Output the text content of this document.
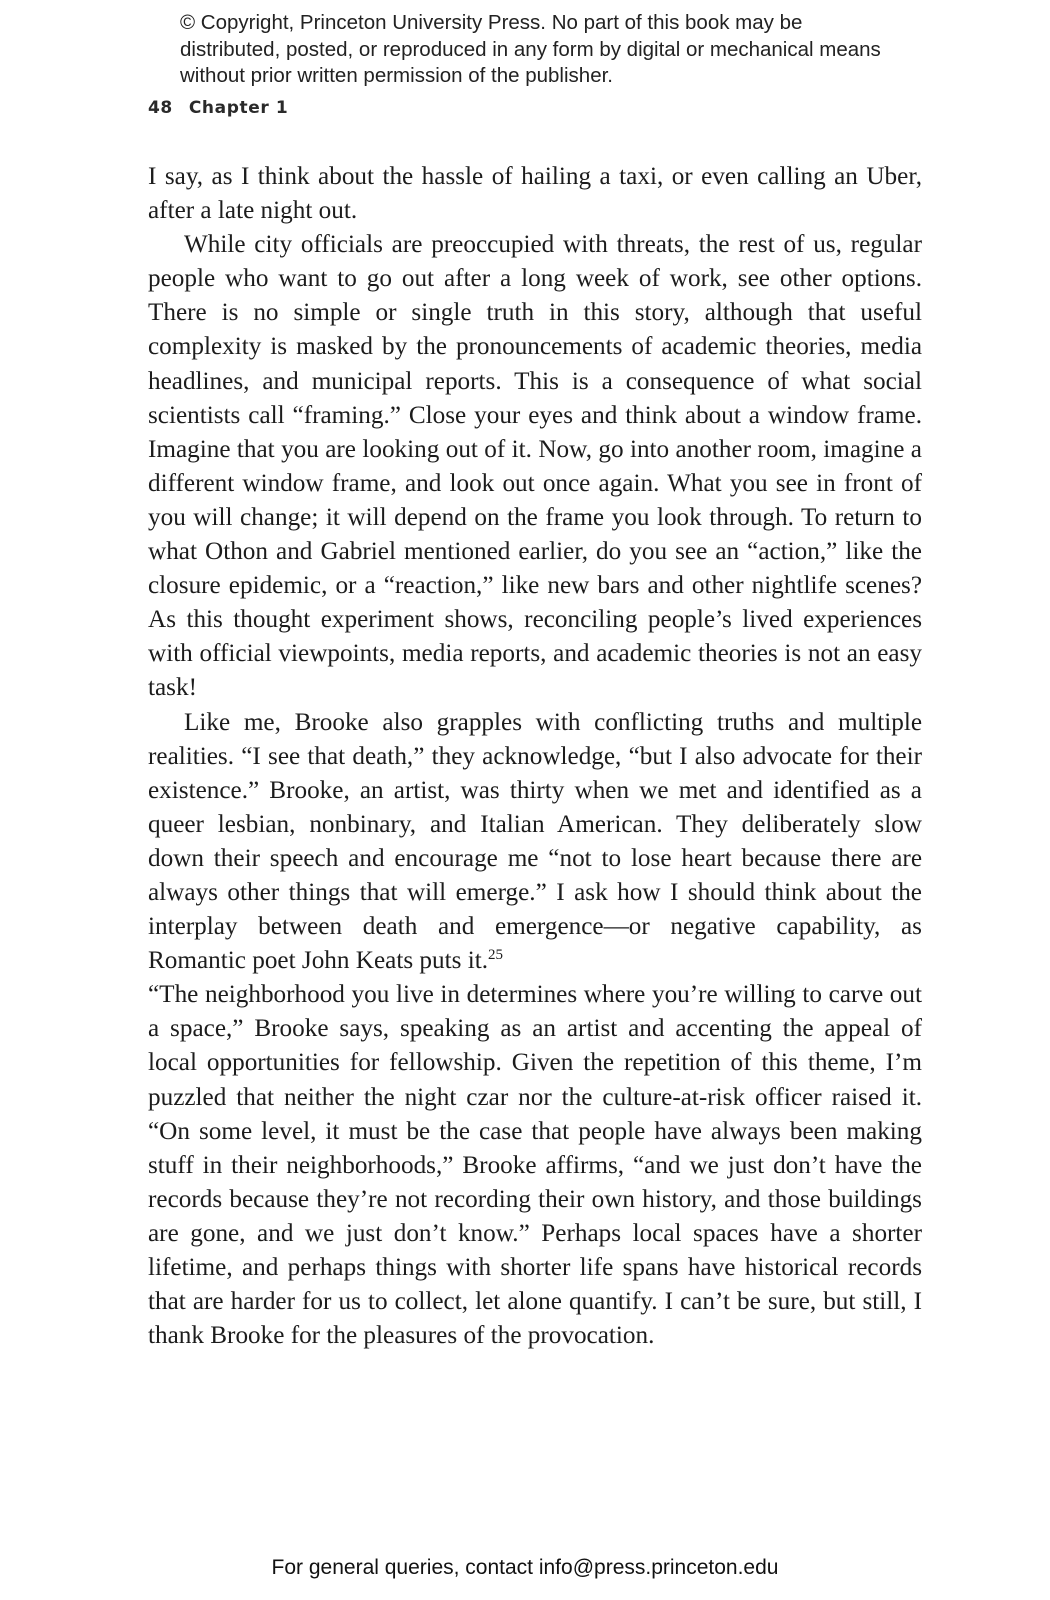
© Copyright, Princeton University Press. No part of this book may be distributed, posted, or reproduced in any form by digital or mechanical means without prior written permission of the publisher.
48 Chapter 1

I say, as I think about the hassle of hailing a taxi, or even calling an Uber, after a late night out.

While city officials are preoccupied with threats, the rest of us, regular people who want to go out after a long week of work, see other options. There is no simple or single truth in this story, although that useful complexity is masked by the pronouncements of academic theories, media headlines, and municipal reports. This is a consequence of what social scientists call “framing.” Close your eyes and think about a window frame. Imagine that you are looking out of it. Now, go into another room, imagine a different window frame, and look out once again. What you see in front of you will change; it will depend on the frame you look through. To return to what Othon and Gabriel mentioned earlier, do you see an “action,” like the closure epidemic, or a “reaction,” like new bars and other nightlife scenes? As this thought experiment shows, reconciling people’s lived experiences with official viewpoints, media reports, and academic theories is not an easy task!

Like me, Brooke also grapples with conflicting truths and multiple realities. “I see that death,” they acknowledge, “but I also advocate for their existence.” Brooke, an artist, was thirty when we met and identified as a queer lesbian, nonbinary, and Italian American. They deliberately slow down their speech and encourage me “not to lose heart because there are always other things that will emerge.” I ask how I should think about the interplay between death and emergence—or negative capability, as Romantic poet John Keats puts it.$^{25}$

“The neighborhood you live in determines where you’re willing to carve out a space,” Brooke says, speaking as an artist and accenting the appeal of local opportunities for fellowship. Given the repetition of this theme, I’m puzzled that neither the night czar nor the culture-at-risk officer raised it. “On some level, it must be the case that people have always been making stuff in their neighborhoods,” Brooke affirms, “and we just don’t have the records because they’re not recording their own history, and those buildings are gone, and we just don’t know.” Perhaps local spaces have a shorter lifetime, and perhaps things with shorter life spans have historical records that are harder for us to collect, let alone quantify. I can’t be sure, but still, I thank Brooke for the pleasures of the provocation.

For general queries, contact info@press.princeton.edu
